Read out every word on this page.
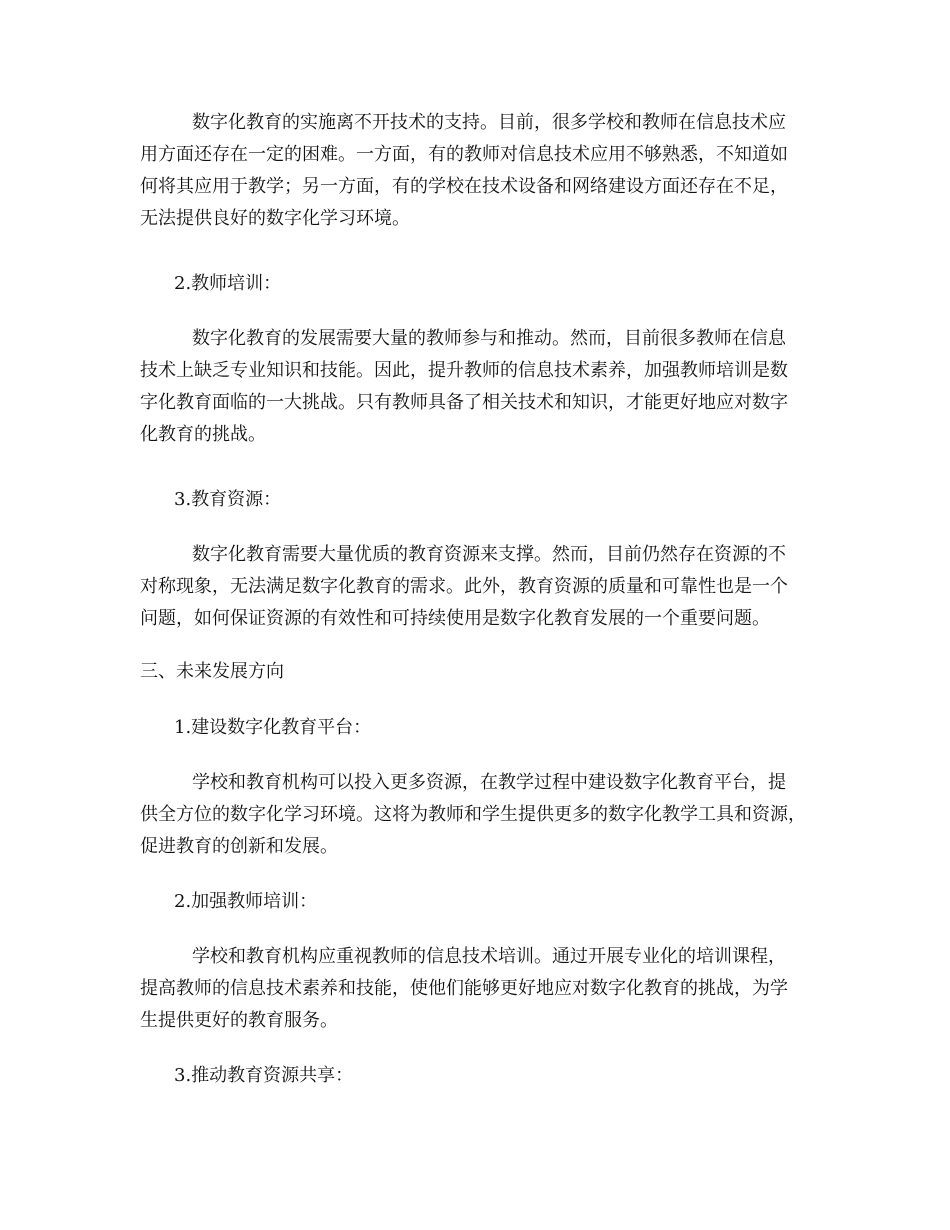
数字化教育的实施离不开技术的支持。目前，很多学校和教师在信息技术应
用方面还存在一定的困难。一方面，有的教师对信息技术应用不够熟悉，不知道如
何将其应用于教学；另一方面，有的学校在技术设备和网络建设方面还存在不足，
无法提供良好的数字化学习环境。

2.教师培训：

数字化教育的发展需要大量的教师参与和推动。然而，目前很多教师在信息
技术上缺乏专业知识和技能。因此，提升教师的信息技术素养，加强教师培训是数
字化教育面临的一大挑战。只有教师具备了相关技术和知识，才能更好地应对数字
化教育的挑战。

3.教育资源：

数字化教育需要大量优质的教育资源来支撑。然而，目前仍然存在资源的不
对称现象，无法满足数字化教育的需求。此外，教育资源的质量和可靠性也是一个
问题，如何保证资源的有效性和可持续使用是数字化教育发展的一个重要问题。

三、未来发展方向

1.建设数字化教育平台：

学校和教育机构可以投入更多资源，在教学过程中建设数字化教育平台，提
供全方位的数字化学习环境。这将为教师和学生提供更多的数字化教学工具和资源，
促进教育的创新和发展。

2.加强教师培训：

学校和教育机构应重视教师的信息技术培训。通过开展专业化的培训课程，
提高教师的信息技术素养和技能，使他们能够更好地应对数字化教育的挑战，为学
生提供更好的教育服务。

3.推动教育资源共享：
